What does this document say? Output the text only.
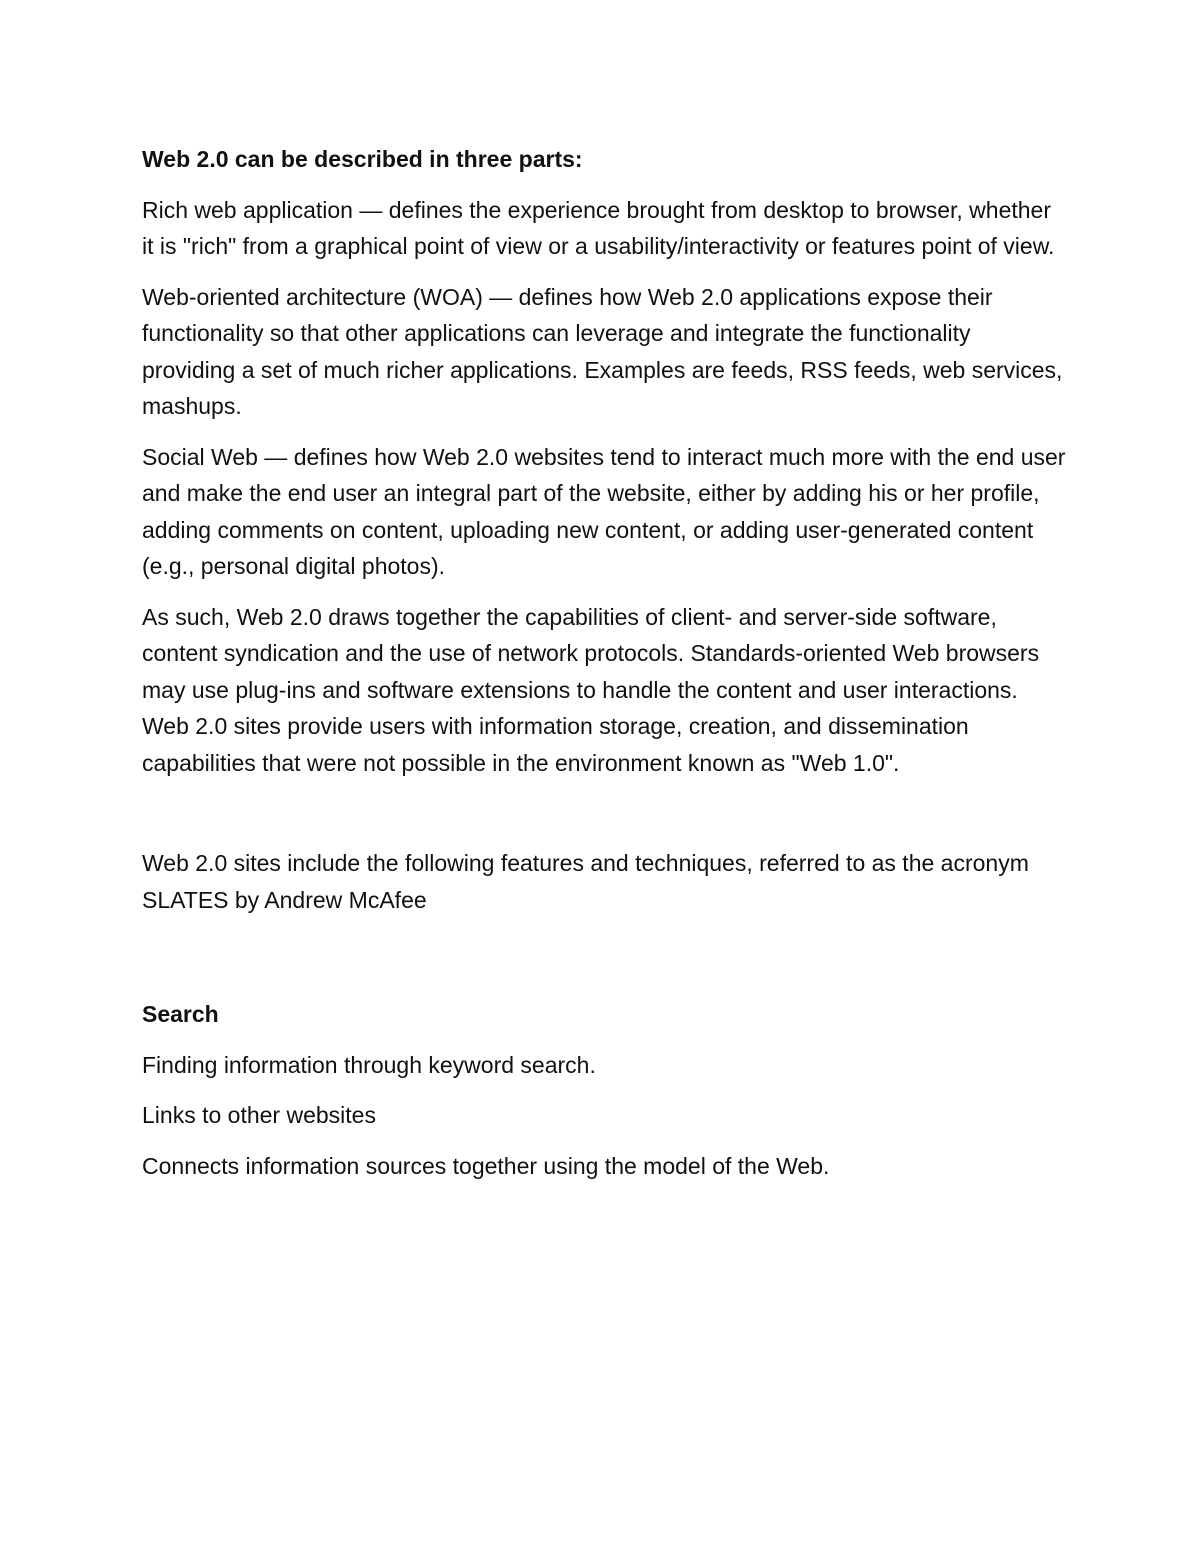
Web 2.0 can be described in three parts:

Rich web application — defines the experience brought from desktop to browser, whether it is "rich" from a graphical point of view or a usability/interactivity or features point of view.

Web-oriented architecture (WOA) — defines how Web 2.0 applications expose their functionality so that other applications can leverage and integrate the functionality providing a set of much richer applications. Examples are feeds, RSS feeds, web services, mashups.

Social Web — defines how Web 2.0 websites tend to interact much more with the end user and make the end user an integral part of the website, either by adding his or her profile, adding comments on content, uploading new content, or adding user-generated content (e.g., personal digital photos).

As such, Web 2.0 draws together the capabilities of client- and server-side software, content syndication and the use of network protocols. Standards-oriented Web browsers may use plug-ins and software extensions to handle the content and user interactions. Web 2.0 sites provide users with information storage, creation, and dissemination capabilities that were not possible in the environment known as "Web 1.0".

Web 2.0 sites include the following features and techniques, referred to as the acronym SLATES by Andrew McAfee

Search

Finding information through keyword search.

Links to other websites

Connects information sources together using the model of the Web.
